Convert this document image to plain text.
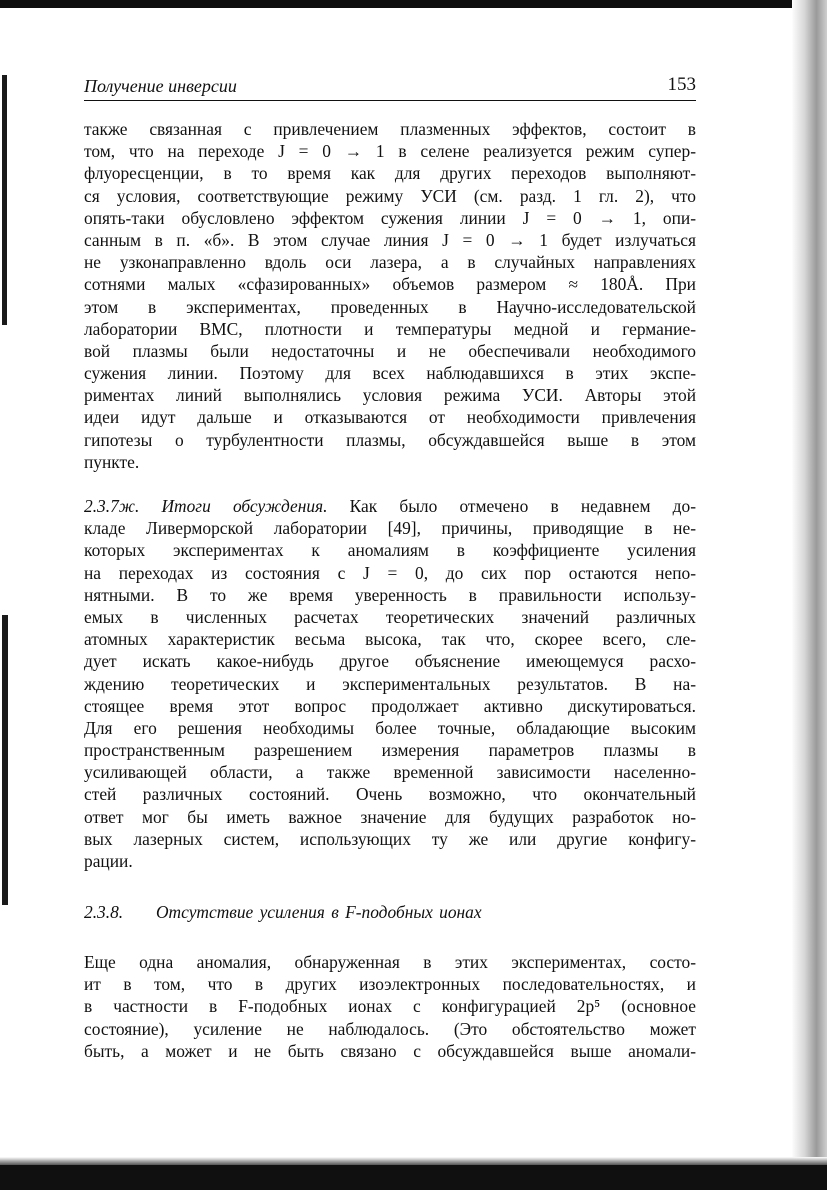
Получение инверсии	153
также связанная с привлечением плазменных эффектов, состоит в
том, что на переходе J = 0 → 1 в селене реализуется режим супер-
флуоресценции, в то время как для других переходов выполняют-
ся условия, соответствующие режиму УСИ (см. разд. 1 гл. 2), что
опять-таки обусловлено эффектом сужения линии J = 0 → 1, опи-
санным в п. «б». В этом случае линия J = 0 → 1 будет излучаться
не узконаправленно вдоль оси лазера, а в случайных направлениях
сотнями малых «сфазированных» объемов размером ≈ 180Å. При
этом в экспериментах, проведенных в Научно-исследовательской
лаборатории ВМС, плотности и температуры медной и германие-
вой плазмы были недостаточны и не обеспечивали необходимого
сужения линии. Поэтому для всех наблюдавшихся в этих экспе-
риментах линий выполнялись условия режима УСИ. Авторы этой
идеи идут дальше и отказываются от необходимости привлечения
гипотезы о турбулентности плазмы, обсуждавшейся выше в этом
пункте.
2.3.7ж. Итоги обсуждения. Как было отмечено в недавнем до-
кладе Ливерморской лаборатории [49], причины, приводящие в не-
которых экспериментах к аномалиям в коэффициенте усиления
на переходах из состояния с J = 0, до сих пор остаются непо-
нятными. В то же время уверенность в правильности использу-
емых в численных расчетах теоретических значений различных
атомных характеристик весьма высока, так что, скорее всего, сле-
дует искать какое-нибудь другое объяснение имеющемуся расхо-
ждению теоретических и экспериментальных результатов. В на-
стоящее время этот вопрос продолжает активно дискутироваться.
Для его решения необходимы более точные, обладающие высоким
пространственным разрешением измерения параметров плазмы в
усиливающей области, а также временной зависимости населенно-
стей различных состояний. Очень возможно, что окончательный
ответ мог бы иметь важное значение для будущих разработок но-
вых лазерных систем, использующих ту же или другие конфигу-
рации.
2.3.8. Отсутствие усиления в F-подобных ионах
Еще одна аномалия, обнаруженная в этих экспериментах, состо-
ит в том, что в других изоэлектронных последовательностях, и
в частности в F-подобных ионах с конфигурацией 2p⁵ (основное
состояние), усиление не наблюдалось. (Это обстоятельство может
быть, а может и не быть связано с обсуждавшейся выше аномали-
